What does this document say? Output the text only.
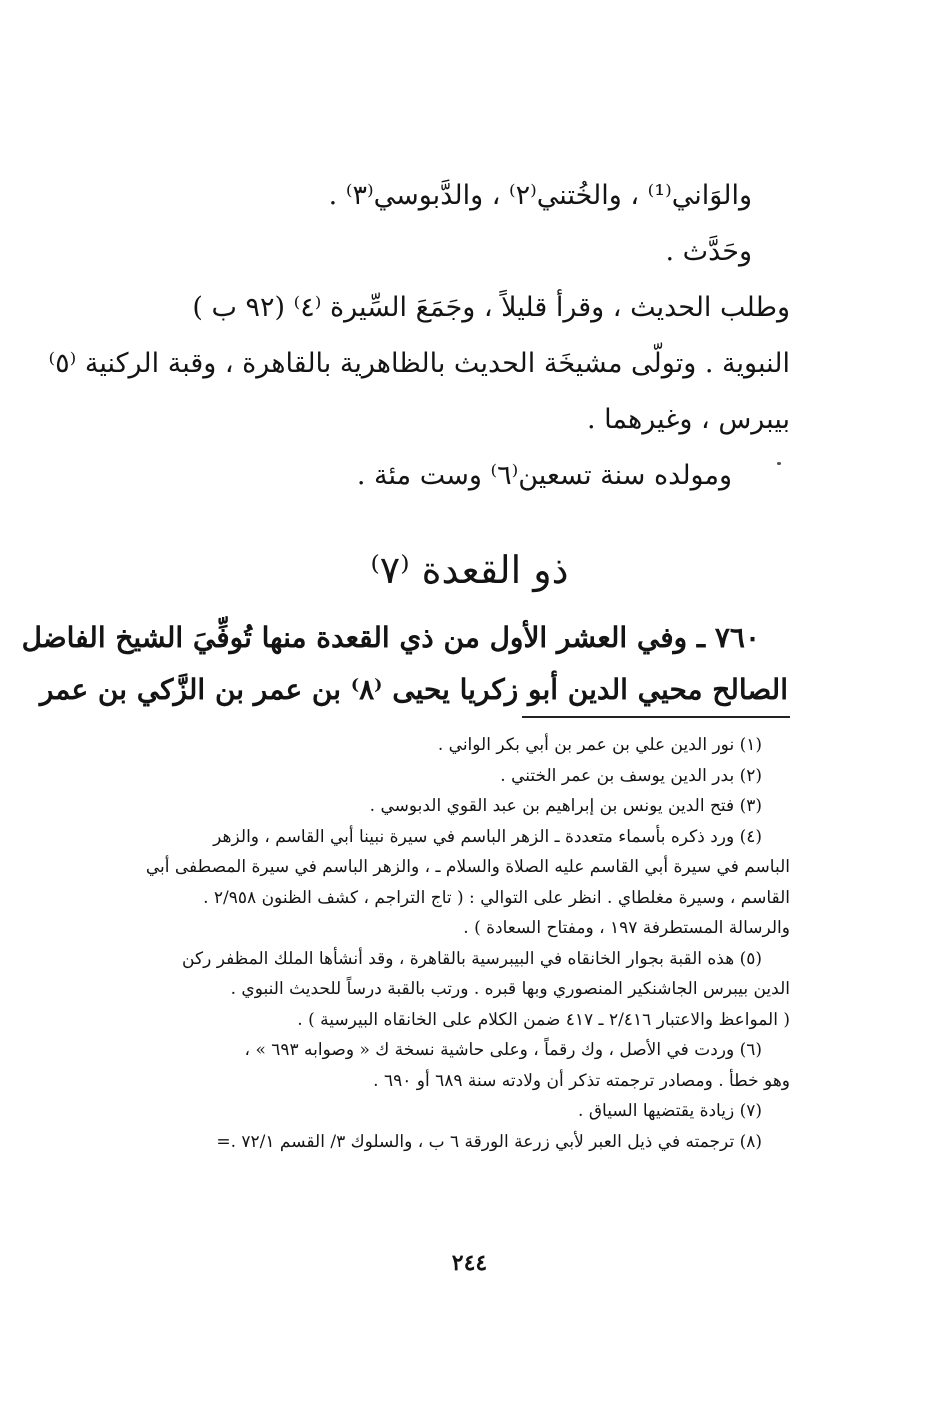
والوَاني⁽¹⁾ ، والخُتني⁽٢⁾ ، والدَّبوسي⁽٣⁾ .

وحَدَّث .

وطلب الحديث ، وقرأ قليلاً ، وجَمَعَ السِّيرة ⁽٤⁾ (٩٢ ب )

النبوية . وتولّى مشيخَة الحديث بالظاهرية بالقاهرة ، وقبة الركنية ⁽٥⁾

بيبرس ، وغيرهما .

ومولده سنة تسعين⁽٦⁾ وست مئة .

ذو القعدة ⁽٧⁾

٧٦٠ ـ وفي العشر الأول من ذي القعدة منها تُوفِّيَ الشيخ الفاضل

الصالح محيي الدين أبو زكريا يحيى ⁽٨⁾ بن عمر بن الزَّكي بن عمر

(١) نور الدين علي بن عمر بن أبي بكر الواني .

(٢) بدر الدين يوسف بن عمر الختني .

(٣) فتح الدين يونس بن إبراهيم بن عبد القوي الدبوسي .

(٤) ورد ذكره بأسماء متعددة ـ الزهر الباسم في سيرة نبينا أبي القاسم ، والزهر

الباسم في سيرة أبي القاسم عليه الصلاة والسلام ـ ، والزهر الباسم في سيرة المصطفى أبي

القاسم ، وسيرة مغلطاي . انظر على التوالي : ( تاج التراجم ، كشف الظنون ٢/٩٥٨ .

والرسالة المستطرفة ١٩٧ ، ومفتاح السعادة ) .

(٥) هذه القبة بجوار الخانقاه في البيبرسية بالقاهرة ، وقد أنشأها الملك المظفر ركن

الدين بيبرس الجاشنكير المنصوري وبها قبره . ورتب بالقبة درساً للحديث النبوي .

( المواعظ والاعتبار ٢/٤١٦ ـ ٤١٧ ضمن الكلام على الخانقاه البيرسية ) .

(٦) وردت في الأصل ، وك رقماً ، وعلى حاشية نسخة ك « وصوابه ٦٩٣ » ،

وهو خطأ . ومصادر ترجمته تذكر أن ولادته سنة ٦٨٩ أو ٦٩٠ .

(٧) زيادة يقتضيها السياق .

(٨) ترجمته في ذيل العبر لأبي زرعة الورقة ٦ ب ، والسلوك ٣/ القسم ٧٢/١ .=

٢٤٤
